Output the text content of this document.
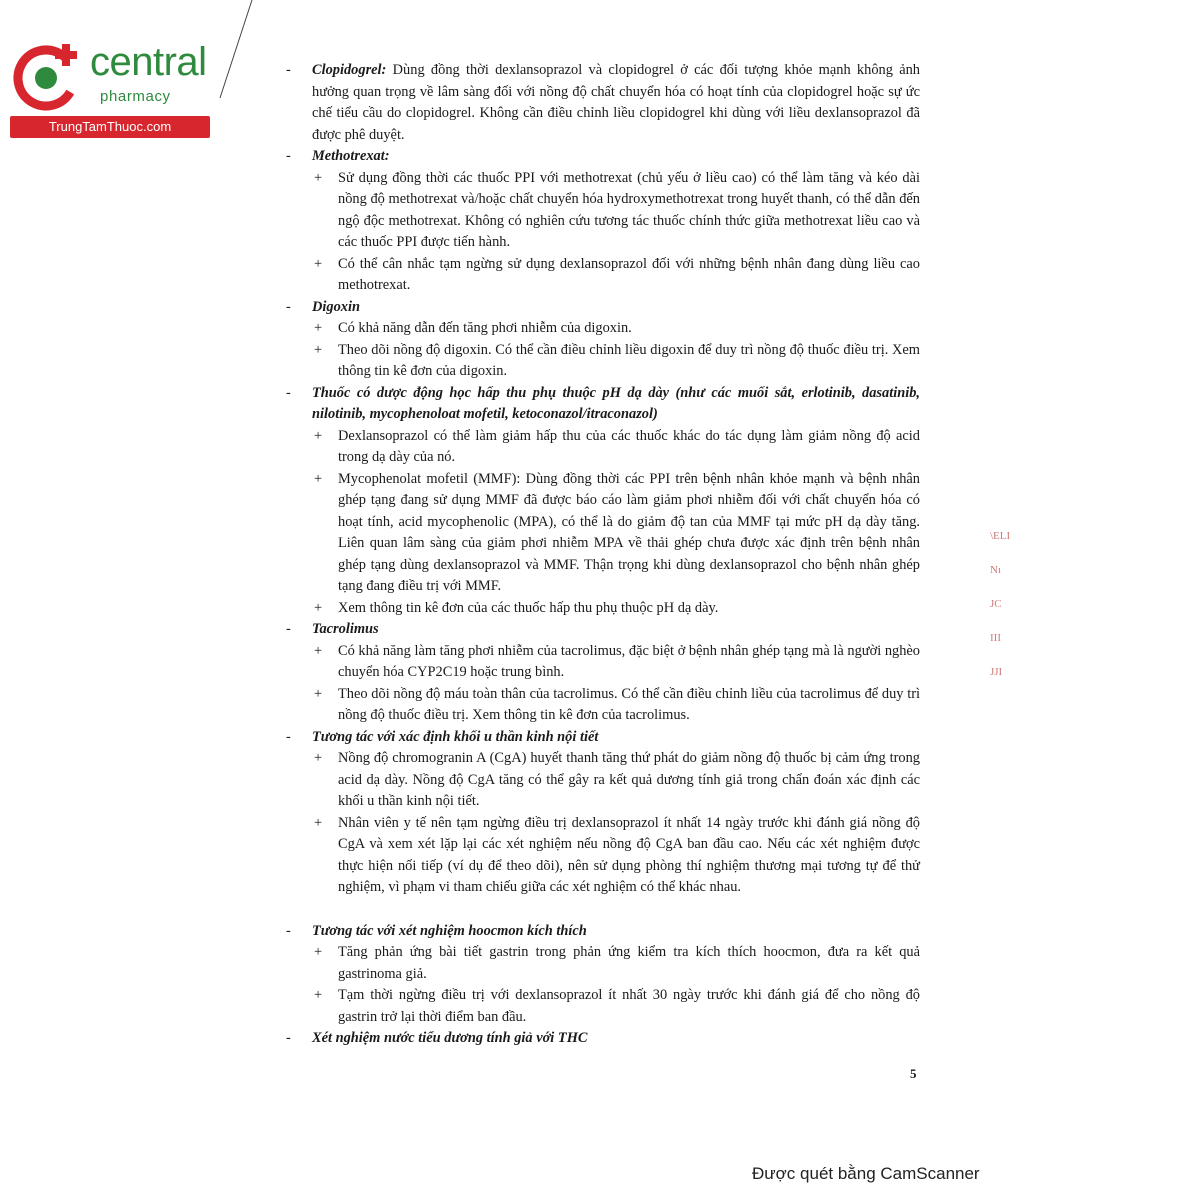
central
pharmacy
TrungTamThuoc.com
- Clopidogrel: Dùng đồng thời dexlansoprazol và clopidogrel ở các đối tượng khỏe mạnh không ảnh hưởng quan trọng về lâm sàng đối với nồng độ chất chuyển hóa có hoạt tính của clopidogrel hoặc sự ức chế tiểu cầu do clopidogrel. Không cần điều chỉnh liều clopidogrel khi dùng với liều dexlansoprazol đã được phê duyệt.
- Methotrexat:
+ Sử dụng đồng thời các thuốc PPI với methotrexat (chủ yếu ở liều cao) có thể làm tăng và kéo dài nồng độ methotrexat và/hoặc chất chuyển hóa hydroxymethotrexat trong huyết thanh, có thể dẫn đến ngộ độc methotrexat. Không có nghiên cứu tương tác thuốc chính thức giữa methotrexat liều cao và các thuốc PPI được tiến hành.
+ Có thể cân nhắc tạm ngừng sử dụng dexlansoprazol đối với những bệnh nhân đang dùng liều cao methotrexat.
- Digoxin
+ Có khả năng dẫn đến tăng phơi nhiễm của digoxin.
+ Theo dõi nồng độ digoxin. Có thể cần điều chỉnh liều digoxin để duy trì nồng độ thuốc điều trị. Xem thông tin kê đơn của digoxin.
- Thuốc có dược động học hấp thu phụ thuộc pH dạ dày (như các muối sắt, erlotinib, dasatinib, nilotinib, mycophenoloat mofetil, ketoconazol/itraconazol)
+ Dexlansoprazol có thể làm giảm hấp thu của các thuốc khác do tác dụng làm giảm nồng độ acid trong dạ dày của nó.
+ Mycophenolat mofetil (MMF): Dùng đồng thời các PPI trên bệnh nhân khỏe mạnh và bệnh nhân ghép tạng đang sử dụng MMF đã được báo cáo làm giảm phơi nhiễm đối với chất chuyển hóa có hoạt tính, acid mycophenolic (MPA), có thể là do giảm độ tan của MMF tại mức pH dạ dày tăng. Liên quan lâm sàng của giảm phơi nhiễm MPA về thải ghép chưa được xác định trên bệnh nhân ghép tạng dùng dexlansoprazol và MMF. Thận trọng khi dùng dexlansoprazol cho bệnh nhân ghép tạng đang điều trị với MMF.
+ Xem thông tin kê đơn của các thuốc hấp thu phụ thuộc pH dạ dày.
- Tacrolimus
+ Có khả năng làm tăng phơi nhiễm của tacrolimus, đặc biệt ở bệnh nhân ghép tạng mà là người nghèo chuyển hóa CYP2C19 hoặc trung bình.
+ Theo dõi nồng độ máu toàn thân của tacrolimus. Có thể cần điều chỉnh liều của tacrolimus để duy trì nồng độ thuốc điều trị. Xem thông tin kê đơn của tacrolimus.
- Tương tác với xác định khối u thần kinh nội tiết
+ Nồng độ chromogranin A (CgA) huyết thanh tăng thứ phát do giảm nồng độ thuốc bị cảm ứng trong acid dạ dày. Nồng độ CgA tăng có thể gây ra kết quả dương tính giả trong chẩn đoán xác định các khối u thần kinh nội tiết.
+ Nhân viên y tế nên tạm ngừng điều trị dexlansoprazol ít nhất 14 ngày trước khi đánh giá nồng độ CgA và xem xét lặp lại các xét nghiệm nếu nồng độ CgA ban đầu cao. Nếu các xét nghiệm được thực hiện nối tiếp (ví dụ để theo dõi), nên sử dụng phòng thí nghiệm thương mại tương tự để thử nghiệm, vì phạm vi tham chiếu giữa các xét nghiệm có thể khác nhau.
- Tương tác với xét nghiệm hoocmon kích thích
+ Tăng phản ứng bài tiết gastrin trong phản ứng kiểm tra kích thích hoocmon, đưa ra kết quả gastrinoma giả.
+ Tạm thời ngừng điều trị với dexlansoprazol ít nhất 30 ngày trước khi đánh giá để cho nồng độ gastrin trở lại thời điểm ban đầu.
- Xét nghiệm nước tiểu dương tính giả với THC
\ELI
Nı
JC
III
JJI
5
Được quét bằng CamScanner
